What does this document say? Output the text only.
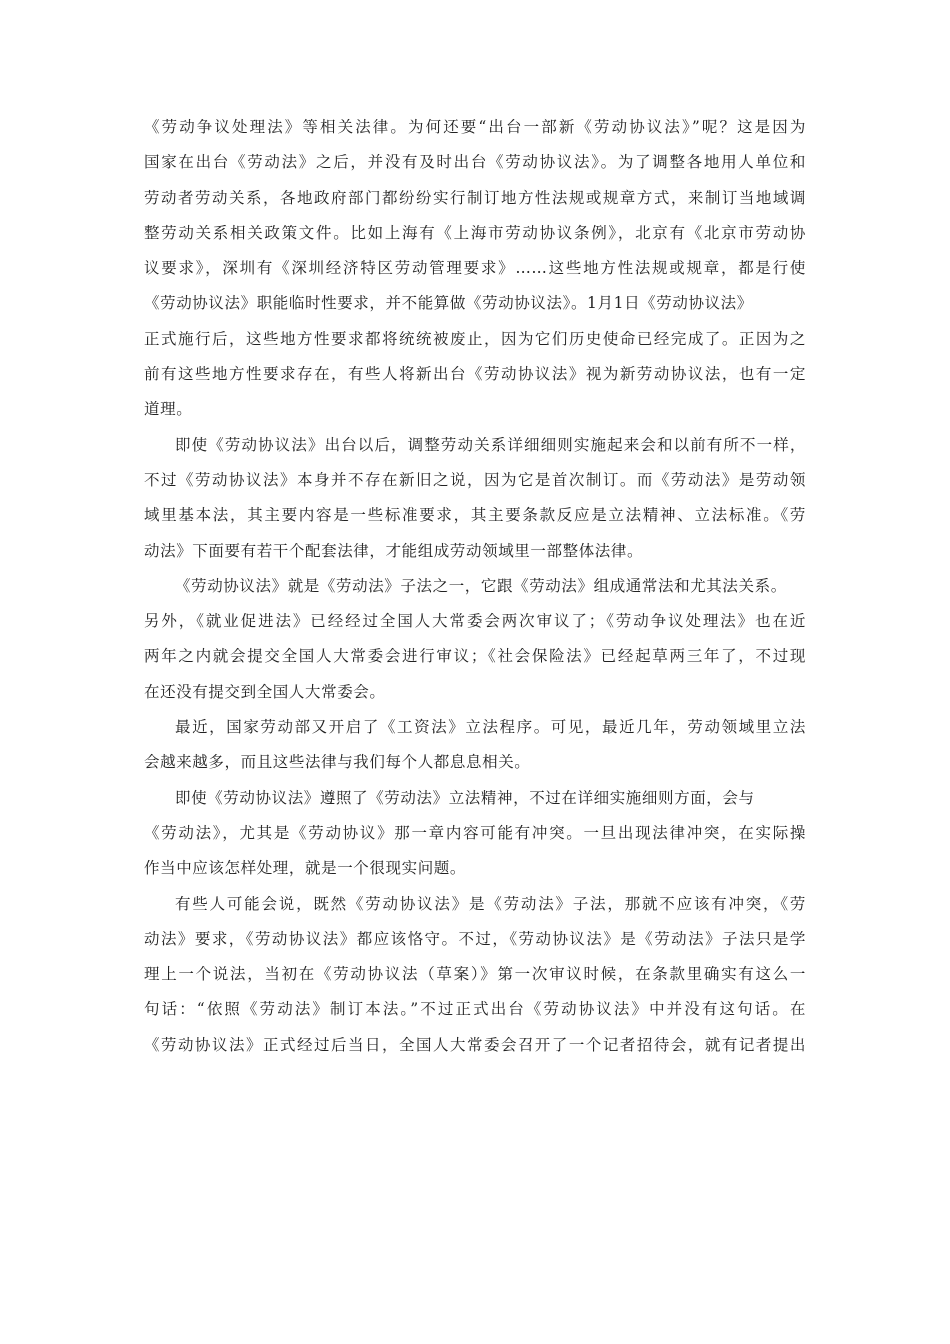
《劳动争议处理法》等相关法律。为何还要“出台一部新《劳动协议法》”呢？这是因为
国家在出台《劳动法》之后，并没有及时出台《劳动协议法》。为了调整各地用人单位和
劳动者劳动关系，各地政府部门都纷纷实行制订地方性法规或规章方式，来制订当地域调
整劳动关系相关政策文件。比如上海有《上海市劳动协议条例》，北京有《北京市劳动协
议要求》，深圳有《深圳经济特区劳动管理要求》……这些地方性法规或规章，都是行使
《劳动协议法》职能临时性要求，并不能算做《劳动协议法》。1月1日《劳动协议法》
正式施行后，这些地方性要求都将统统被废止，因为它们历史使命已经完成了。正因为之
前有这些地方性要求存在，有些人将新出台《劳动协议法》视为新劳动协议法，也有一定
道理。
即使《劳动协议法》出台以后，调整劳动关系详细细则实施起来会和以前有所不一样，
不过《劳动协议法》本身并不存在新旧之说，因为它是首次制订。而《劳动法》是劳动领
域里基本法，其主要内容是一些标准要求，其主要条款反应是立法精神、立法标准。《劳
动法》下面要有若干个配套法律，才能组成劳动领域里一部整体法律。
《劳动协议法》就是《劳动法》子法之一，它跟《劳动法》组成通常法和尤其法关系。
另外，《就业促进法》已经经过全国人大常委会两次审议了；《劳动争议处理法》也在近
两年之内就会提交全国人大常委会进行审议；《社会保险法》已经起草两三年了，不过现
在还没有提交到全国人大常委会。
最近，国家劳动部又开启了《工资法》立法程序。可见，最近几年，劳动领域里立法
会越来越多，而且这些法律与我们每个人都息息相关。
即使《劳动协议法》遵照了《劳动法》立法精神，不过在详细实施细则方面，会与
《劳动法》，尤其是《劳动协议》那一章内容可能有冲突。一旦出现法律冲突，在实际操
作当中应该怎样处理，就是一个很现实问题。
有些人可能会说，既然《劳动协议法》是《劳动法》子法，那就不应该有冲突，《劳
动法》要求，《劳动协议法》都应该恪守。不过，《劳动协议法》是《劳动法》子法只是学
理上一个说法，当初在《劳动协议法（草案）》第一次审议时候，在条款里确实有这么一
句话：“依照《劳动法》制订本法。”不过正式出台《劳动协议法》中并没有这句话。在
《劳动协议法》正式经过后当日，全国人大常委会召开了一个记者招待会，就有记者提出
